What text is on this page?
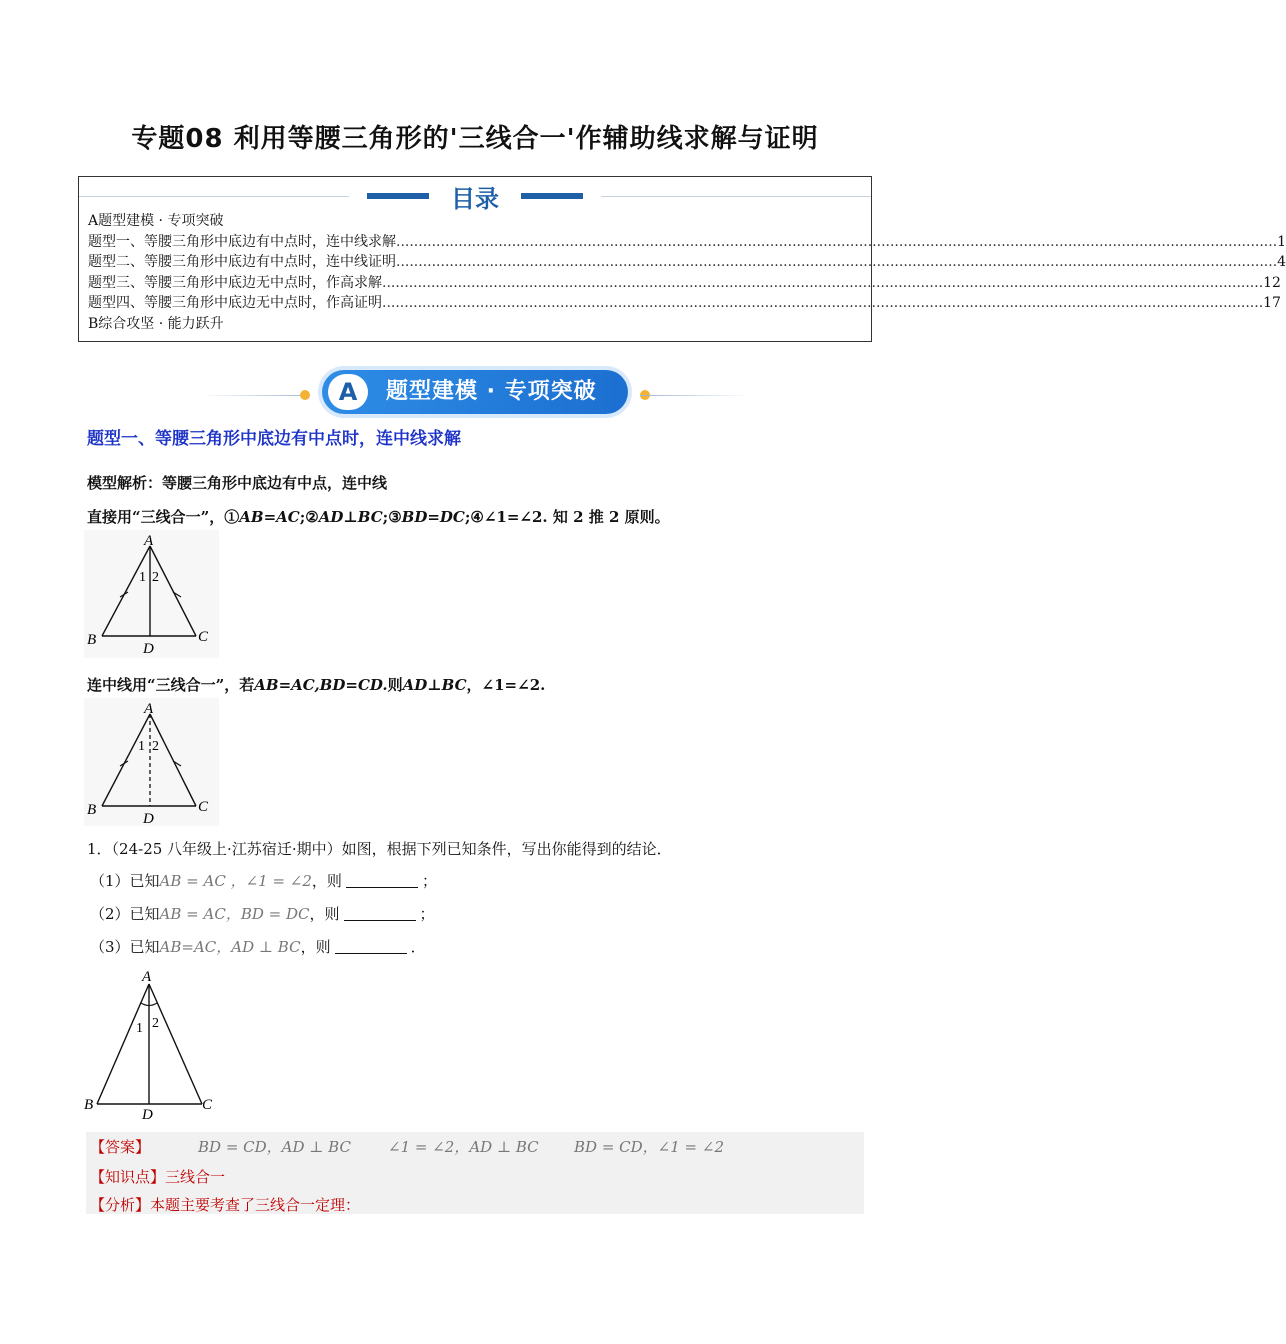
专题08 利用等腰三角形的'三线合一'作辅助线求解与证明
目录
A题型建模 · 专项突破
题型一、等腰三角形中底边有中点时，连中线求解 ...................................................................................................................................................................................................... 1
题型二、等腰三角形中底边有中点时，连中线证明 ...................................................................................................................................................................................................... 4
题型三、等腰三角形中底边无中点时，作高求解 ...................................................................................................................................................................................................... 12
题型四、等腰三角形中底边无中点时，作高证明 ...................................................................................................................................................................................................... 17
B综合攻坚 · 能力跃升
A	题型建模 · 专项突破
题型一、等腰三角形中底边有中点时，连中线求解
模型解析：等腰三角形中底边有中点，连中线
直接用“三线合一”，①AB=AC;②AD⊥BC;③BD=DC;④∠1=∠2. 知 2 推 2 原则。
A
B	C
D
1 2
连中线用“三线合一”，若AB=AC,BD=CD.则AD⊥BC，∠1=∠2.
A
B	C
D
1 2
1．（24-25 八年级上·江苏宿迁·期中）如图，根据下列已知条件，写出你能得到的结论．
（1）已知AB = AC ，∠1 = ∠2，则	；
（2）已知AB = AC，BD = DC，则	；
（3）已知AB=AC，AD ⊥ BC，则	．
A
B	C
D
1 2
【答案】	BD = CD，AD ⊥ BC ∠1 = ∠2，AD ⊥ BC BD = CD，∠1 = ∠2
【知识点】三线合一
【分析】本题主要考查了三线合一定理：
